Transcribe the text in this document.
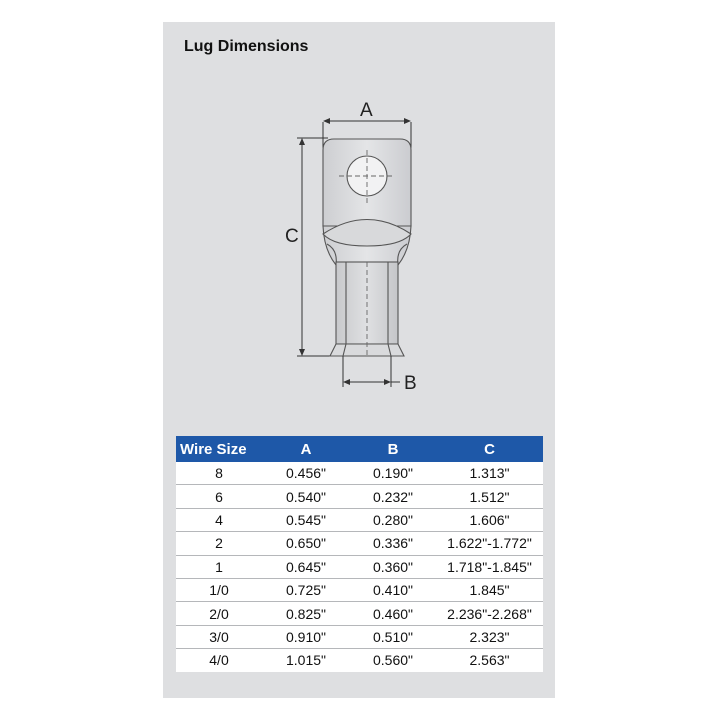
Lug Dimensions
A
C
B
Wire Size	A	B	C
8	0.456"	0.190"	1.313"
6	0.540"	0.232"	1.512"
4	0.545"	0.280"	1.606"
2	0.650"	0.336"	1.622"-1.772"
1	0.645"	0.360"	1.718"-1.845"
1/0	0.725"	0.410"	1.845"
2/0	0.825"	0.460"	2.236"-2.268"
3/0	0.910"	0.510"	2.323"
4/0	1.015"	0.560"	2.563"
